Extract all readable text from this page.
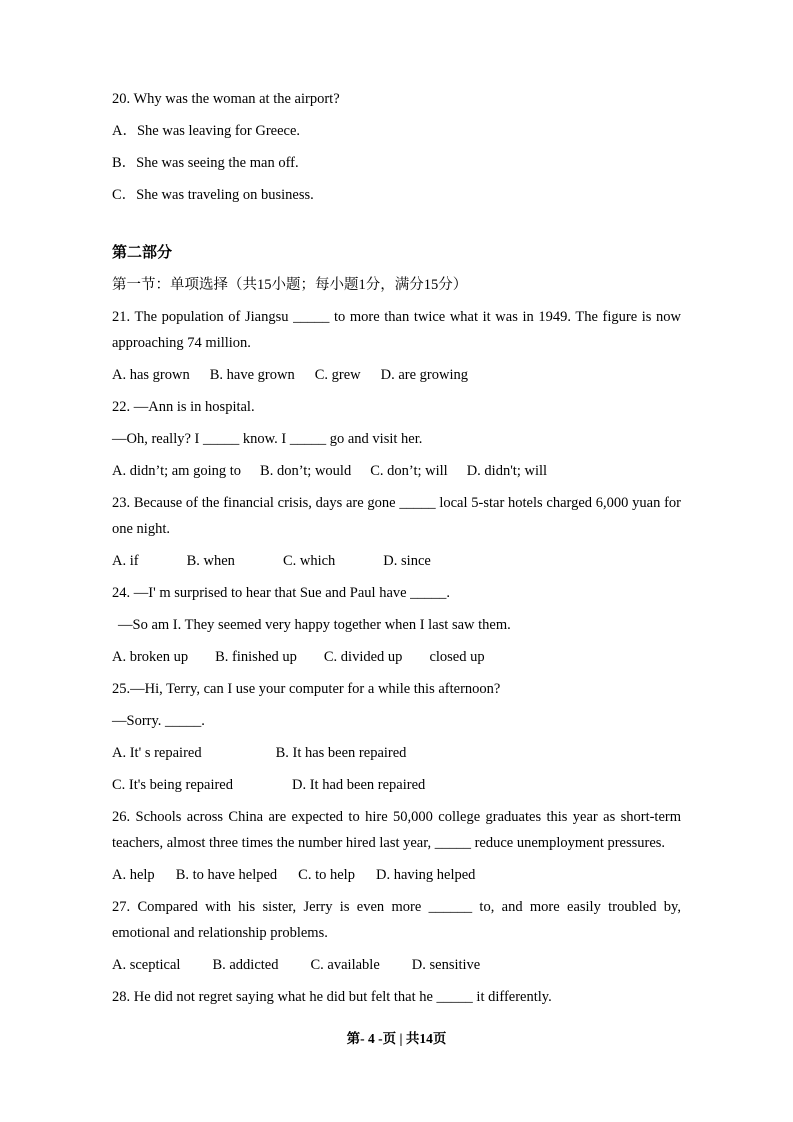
20. Why was the woman at the airport?

A．She was leaving for Greece.

B．She was seeing the man off.

C．She was traveling on business.

第二部分

第一节：单项选择（共15小题；每小题1分，满分15分）

21. The population of Jiangsu _____ to more than twice what it was in 1949. The figure is now approaching 74 million.

A. has grown B. have grown C. grew D. are growing

22. —Ann is in hospital.

—Oh, really? I _____ know. I _____ go and visit her.

A. didn’t; am going to B. don’t; would C. don’t; will D. didn't; will

23. Because of the financial crisis, days are gone _____ local 5-star hotels charged 6,000 yuan for one night.

A. if	B. when	C. which	D. since

24. —I' m surprised to hear that Sue and Paul have _____.

—So am I. They seemed very happy together when I last saw them.

A. broken up B. finished up C. divided up closed up

25.—Hi, Terry, can I use your computer for a while this afternoon?

—Sorry. _____.

A. It' s repaired	B. It has been repaired
C. It's being repaired	D. It had been repaired

26. Schools across China are expected to hire 50,000 college graduates this year as short-term teachers, almost three times the number hired last year, _____ reduce unemployment pressures.

A. help B. to have helped C. to help D. having helped

27. Compared with his sister, Jerry is even more ______ to, and more easily troubled by, emotional and relationship problems.

A. sceptical B. addicted C. available D. sensitive

28. He did not regret saying what he did but felt that he _____ it differently.

第- 4 -页 | 共14页
